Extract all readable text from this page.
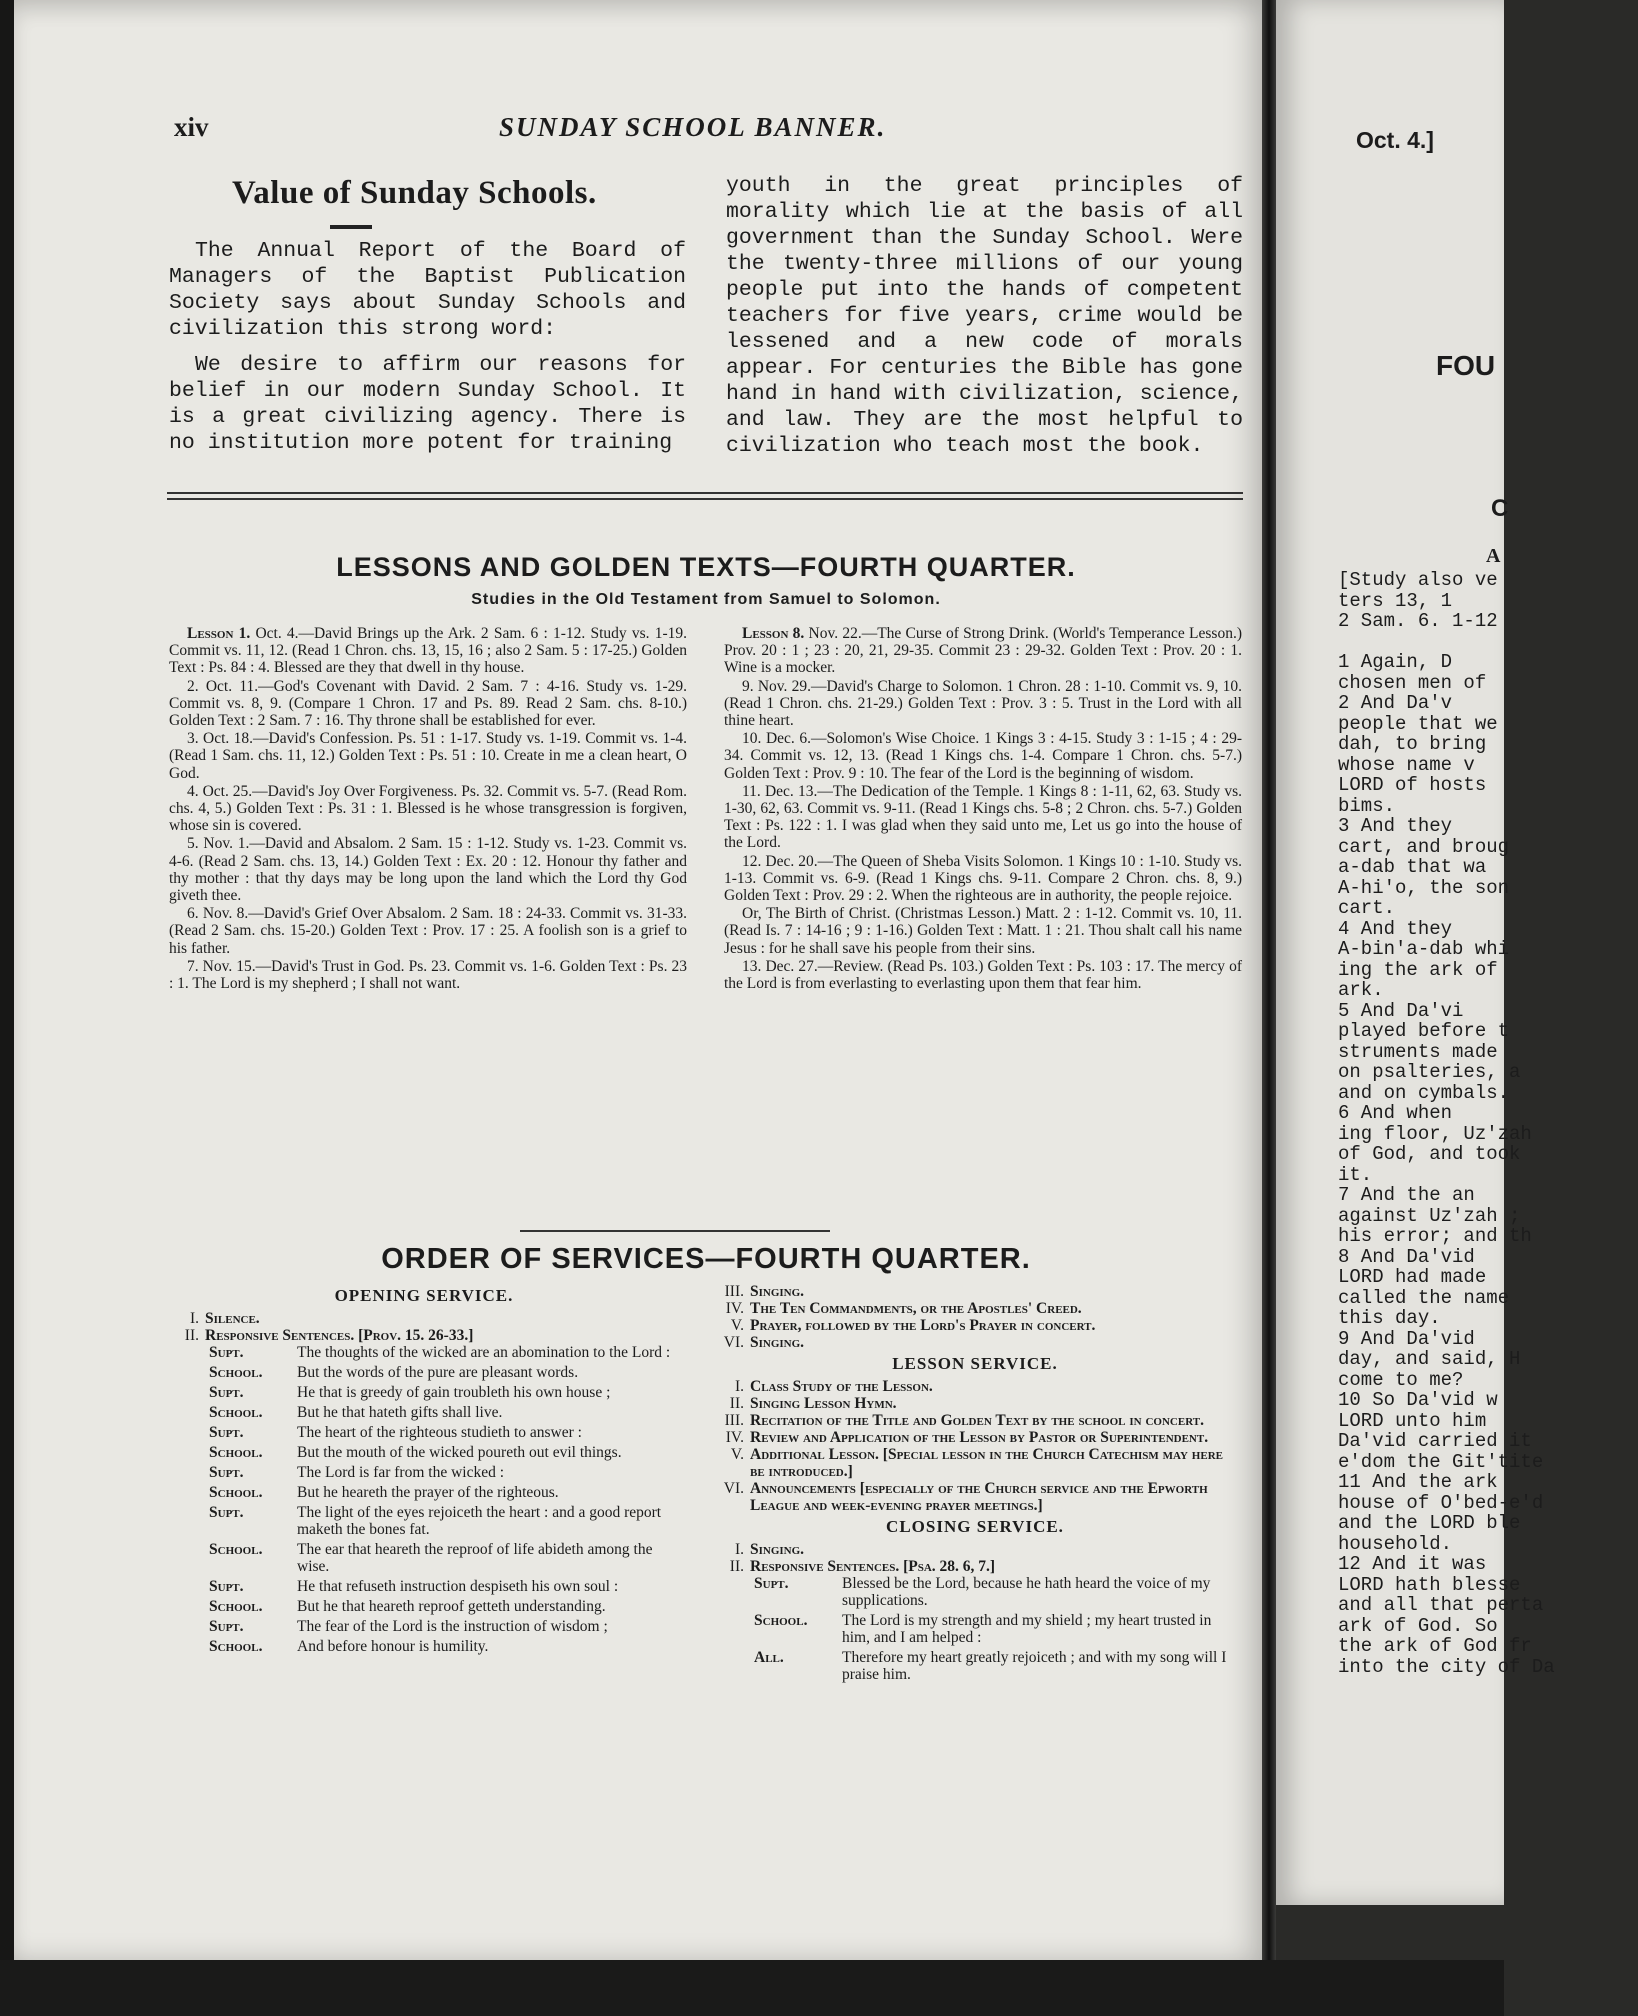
xiv	SUNDAY SCHOOL BANNER.
Value of Sunday Schools.

The Annual Report of the Board of Managers of the Baptist Publication Society says about Sunday Schools and civilization this strong word:

We desire to affirm our reasons for belief in our modern Sunday School. It is a great civilizing agency. There is no institution more potent for training

youth in the great principles of morality which lie at the basis of all government than the Sunday School. Were the twenty-three millions of our young people put into the hands of competent teachers for five years, crime would be lessened and a new code of morals appear. For centuries the Bible has gone hand in hand with civilization, science, and law. They are the most helpful to civilization who teach most the book.

LESSONS AND GOLDEN TEXTS—FOURTH QUARTER.
Studies in the Old Testament from Samuel to Solomon.
Lesson 1. Oct. 4.—David Brings up the Ark. 2 Sam. 6 : 1-12. Study vs. 1-19. Commit vs. 11, 12. (Read 1 Chron. chs. 13, 15, 16 ; also 2 Sam. 5 : 17-25.) Golden Text : Ps. 84 : 4. Blessed are they that dwell in thy house.
2. Oct. 11.—God's Covenant with David. 2 Sam. 7 : 4-16. Study vs. 1-29. Commit vs. 8, 9. (Compare 1 Chron. 17 and Ps. 89. Read 2 Sam. chs. 8-10.) Golden Text : 2 Sam. 7 : 16. Thy throne shall be established for ever.
3. Oct. 18.—David's Confession. Ps. 51 : 1-17. Study vs. 1-19. Commit vs. 1-4. (Read 1 Sam. chs. 11, 12.) Golden Text : Ps. 51 : 10. Create in me a clean heart, O God.
4. Oct. 25.—David's Joy Over Forgiveness. Ps. 32. Commit vs. 5-7. (Read Rom. chs. 4, 5.) Golden Text : Ps. 31 : 1. Blessed is he whose transgression is forgiven, whose sin is covered.
5. Nov. 1.—David and Absalom. 2 Sam. 15 : 1-12. Study vs. 1-23. Commit vs. 4-6. (Read 2 Sam. chs. 13, 14.) Golden Text : Ex. 20 : 12. Honour thy father and thy mother : that thy days may be long upon the land which the Lord thy God giveth thee.
6. Nov. 8.—David's Grief Over Absalom. 2 Sam. 18 : 24-33. Commit vs. 31-33. (Read 2 Sam. chs. 15-20.) Golden Text : Prov. 17 : 25. A foolish son is a grief to his father.
7. Nov. 15.—David's Trust in God. Ps. 23. Commit vs. 1-6. Golden Text : Ps. 23 : 1. The Lord is my shepherd ; I shall not want.
Lesson 8. Nov. 22.—The Curse of Strong Drink. (World's Temperance Lesson.) Prov. 20 : 1 ; 23 : 20, 21, 29-35. Commit 23 : 29-32. Golden Text : Prov. 20 : 1. Wine is a mocker.
9. Nov. 29.—David's Charge to Solomon. 1 Chron. 28 : 1-10. Commit vs. 9, 10. (Read 1 Chron. chs. 21-29.) Golden Text : Prov. 3 : 5. Trust in the Lord with all thine heart.
10. Dec. 6.—Solomon's Wise Choice. 1 Kings 3 : 4-15. Study 3 : 1-15 ; 4 : 29-34. Commit vs. 12, 13. (Read 1 Kings chs. 1-4. Compare 1 Chron. chs. 5-7.) Golden Text : Prov. 9 : 10. The fear of the Lord is the beginning of wisdom.
11. Dec. 13.—The Dedication of the Temple. 1 Kings 8 : 1-11, 62, 63. Study vs. 1-30, 62, 63. Commit vs. 9-11. (Read 1 Kings chs. 5-8 ; 2 Chron. chs. 5-7.) Golden Text : Ps. 122 : 1. I was glad when they said unto me, Let us go into the house of the Lord.
12. Dec. 20.—The Queen of Sheba Visits Solomon. 1 Kings 10 : 1-10. Study vs. 1-13. Commit vs. 6-9. (Read 1 Kings chs. 9-11. Compare 2 Chron. chs. 8, 9.) Golden Text : Prov. 29 : 2. When the righteous are in authority, the people rejoice.
Or, The Birth of Christ. (Christmas Lesson.) Matt. 2 : 1-12. Commit vs. 10, 11. (Read Is. 7 : 14-16 ; 9 : 1-16.) Golden Text : Matt. 1 : 21. Thou shalt call his name Jesus : for he shall save his people from their sins.
13. Dec. 27.—Review. (Read Ps. 103.) Golden Text : Ps. 103 : 17. The mercy of the Lord is from everlasting to everlasting upon them that fear him.
ORDER OF SERVICES—FOURTH QUARTER.
OPENING SERVICE.
I. Silence.
II. Responsive Sentences. [Prov. 15. 26-33.]
Supt.	The thoughts of the wicked are an abomination to the Lord :
School.	But the words of the pure are pleasant words.
Supt.	He that is greedy of gain troubleth his own house ;
School.	But he that hateth gifts shall live.
Supt.	The heart of the righteous studieth to answer :
School.	But the mouth of the wicked poureth out evil things.
Supt.	The Lord is far from the wicked :
School.	But he heareth the prayer of the righteous.
Supt.	The light of the eyes rejoiceth the heart : and a good report maketh the bones fat.
School.	The ear that heareth the reproof of life abideth among the wise.
Supt.	He that refuseth instruction despiseth his own soul :
School.	But he that heareth reproof getteth understanding.
Supt.	The fear of the Lord is the instruction of wisdom ;
School.	And before honour is humility.
III. Singing.
IV. The Ten Commandments, or the Apostles' Creed.
V. Prayer, followed by the Lord's Prayer in concert.
VI. Singing.
LESSON SERVICE.
I. Class Study of the Lesson.
II. Singing Lesson Hymn.
III. Recitation of the Title and Golden Text by the school in concert.
IV. Review and Application of the Lesson by Pastor or Superintendent.
V. Additional Lesson. [Special lesson in the Church Catechism may here be introduced.]
VI. Announcements [especially of the Church service and the Epworth League and week-evening prayer meetings.]
CLOSING SERVICE.
I. Singing.
II. Responsive Sentences. [Psa. 28. 6, 7.]
Supt.	Blessed be the Lord, because he hath heard the voice of my supplications.
School.	The Lord is my strength and my shield ; my heart trusted in him, and I am helped :
All.	Therefore my heart greatly rejoiceth ; and with my song will I praise him.
Oct. 4.]
FOU
C
A
[Study also ve
ters 13, 1
2 Sam. 6. 1-12

1 Again, D
chosen men of
2 And Da'v
people that we
dah, to bring
whose name v
LORD of hosts
bims.
3 And they
cart, and broug
a-dab that wa
A-hi'o, the son
cart.
4 And they
A-bin'a-dab whi
ing the ark of
ark.
5 And Da'vi
played before t
struments made
on psalteries, a
and on cymbals.
6 And when
ing floor, Uz'zah
of God, and took
it.
7 And the an
against Uz'zah ;
his error; and th
8 And Da'vid
LORD had made
called the name
this day.
9 And Da'vid
day, and said, H
come to me?
10 So Da'vid w
LORD unto him
Da'vid carried it
e'dom the Git'tite
11 And the ark
house of O'bed-e'd
and the LORD ble
household.
12 And it was
LORD hath blesse
and all that perta
ark of God. So
the ark of God fr
into the city of Da
